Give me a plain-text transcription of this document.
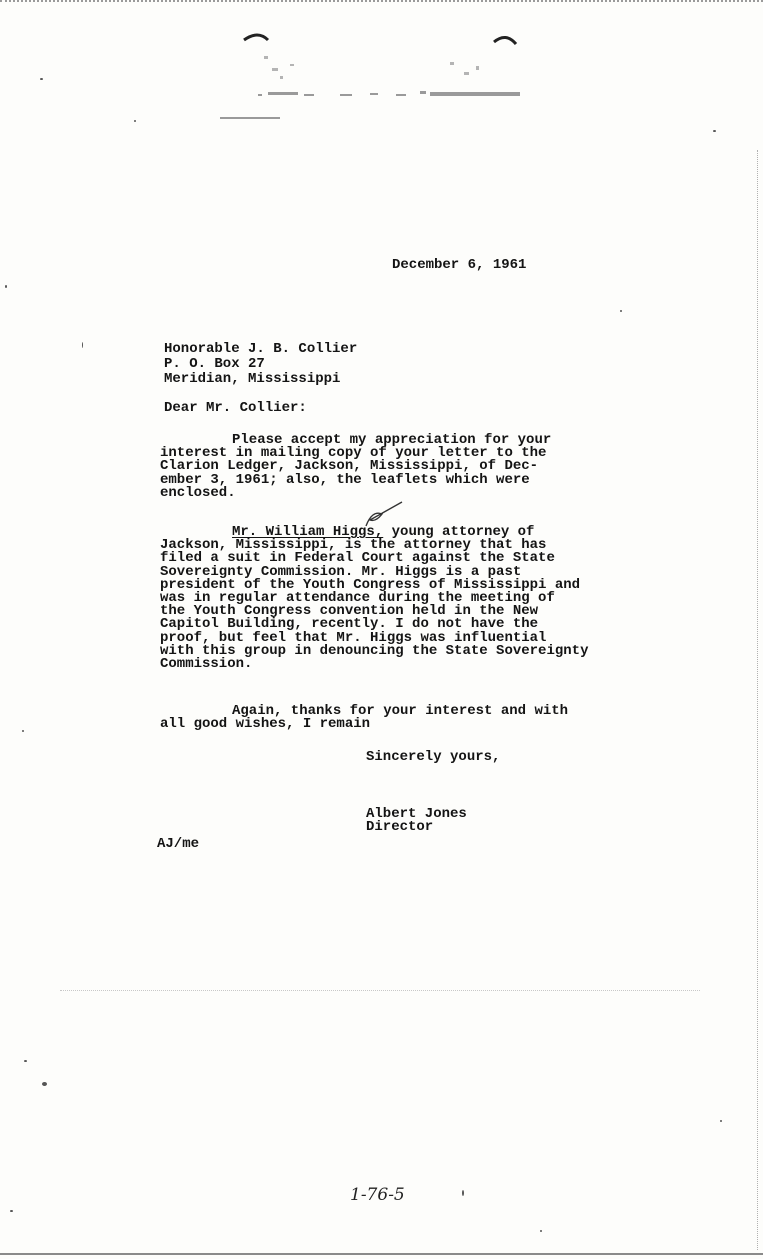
December 6, 1961
Honorable J. B. Collier
P. O. Box 27
Meridian, Mississippi
Dear Mr. Collier:
Please accept my appreciation for your
interest in mailing copy of your letter to the
Clarion Ledger, Jackson, Mississippi, of Dec-
ember 3, 1961; also, the leaflets which were
enclosed.
Mr. William Higgs, young attorney of
Jackson, Mississippi, is the attorney that has
filed a suit in Federal Court against the State
Sovereignty Commission. Mr. Higgs is a past
president of the Youth Congress of Mississippi and
was in regular attendance during the meeting of
the Youth Congress convention held in the New
Capitol Building, recently. I do not have the
proof, but feel that Mr. Higgs was influential
with this group in denouncing the State Sovereignty
Commission.
Again, thanks for your interest and with
all good wishes, I remain
Sincerely yours,
Albert Jones
Director
AJ/me
1-76-5
